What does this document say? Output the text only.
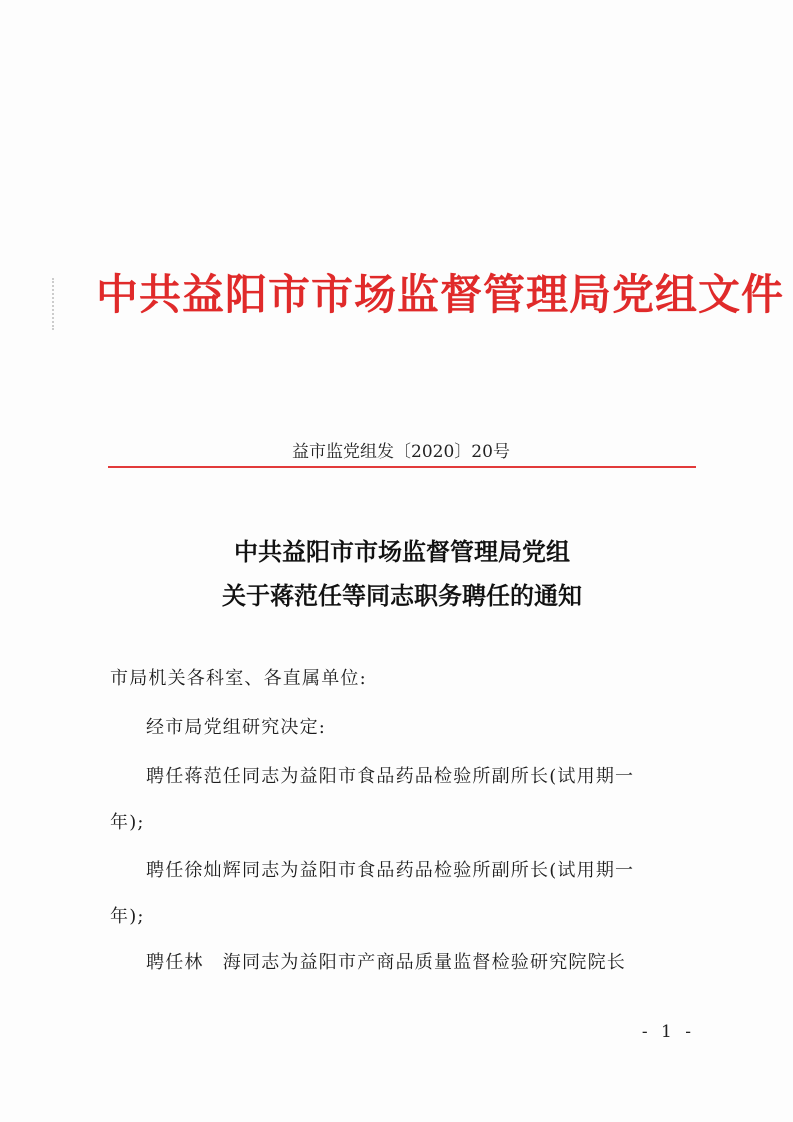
中共益阳市市场监督管理局党组文件
益市监党组发〔2020〕20号
中共益阳市市场监督管理局党组
关于蒋范任等同志职务聘任的通知
市局机关各科室、各直属单位:
经市局党组研究决定:
聘任蒋范任同志为益阳市食品药品检验所副所长(试用期一
年);
聘任徐灿辉同志为益阳市食品药品检验所副所长(试用期一
年);
聘任林　海同志为益阳市产商品质量监督检验研究院院长
- 1 -
